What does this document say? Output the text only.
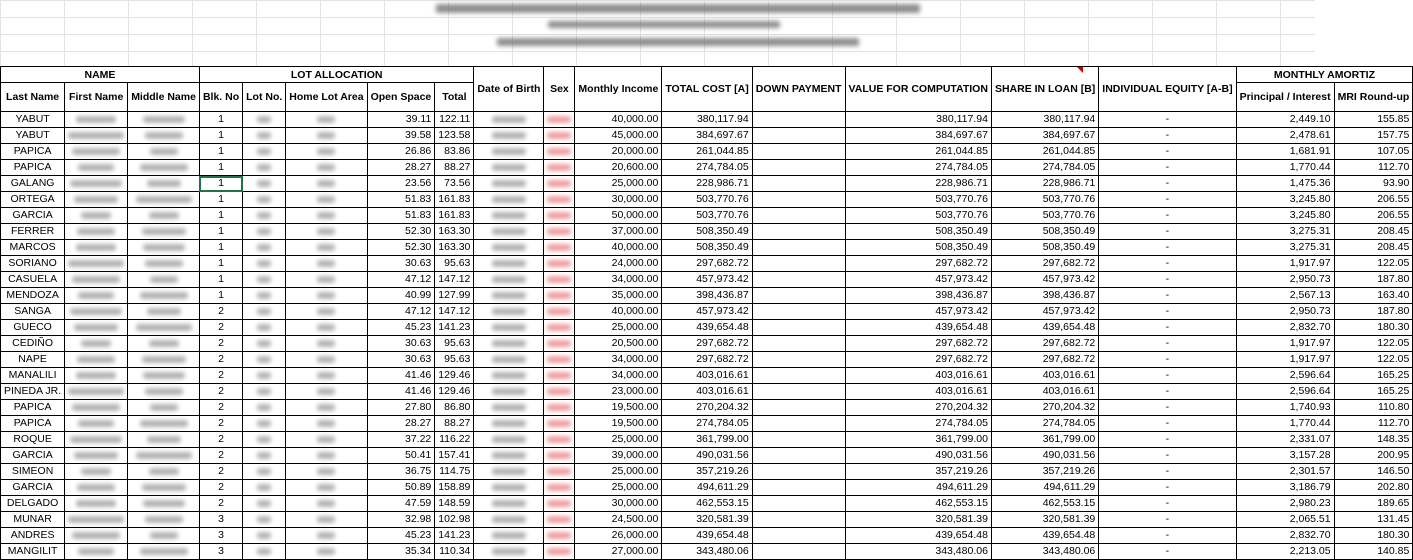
NAME			LOT ALLOCATION					Date of Birth	Sex	Monthly Income	TOTAL COST [A]	DOWN PAYMENT	VALUE FOR COMPUTATION	SHARE IN LOAN [B]	INDIVIDUAL EQUITY [A-B]	MONTHLY AMORTIZ	
Last Name	First Name	Middle Name	Blk. No	Lot No.	Home Lot Area	Open Space	Total									Principal / Interest	MRI Round-up
YABUT			1			39.11	122.11			40,000.00	380,117.94		380,117.94	380,117.94	-	2,449.10	155.85
YABUT			1			39.58	123.58			45,000.00	384,697.67		384,697.67	384,697.67	-	2,478.61	157.75
PAPICA			1			26.86	83.86			20,000.00	261,044.85		261,044.85	261,044.85	-	1,681.91	107.05
PAPICA			1			28.27	88.27			20,600.00	274,784.05		274,784.05	274,784.05	-	1,770.44	112.70
GALANG			1			23.56	73.56			25,000.00	228,986.71		228,986.71	228,986.71	-	1,475.36	93.90
ORTEGA			1			51.83	161.83			30,000.00	503,770.76		503,770.76	503,770.76	-	3,245.80	206.55
GARCIA			1			51.83	161.83			50,000.00	503,770.76		503,770.76	503,770.76	-	3,245.80	206.55
FERRER			1			52.30	163.30			37,000.00	508,350.49		508,350.49	508,350.49	-	3,275.31	208.45
MARCOS			1			52.30	163.30			40,000.00	508,350.49		508,350.49	508,350.49	-	3,275.31	208.45
SORIANO			1			30.63	95.63			24,000.00	297,682.72		297,682.72	297,682.72	-	1,917.97	122.05
CASUELA			1			47.12	147.12			34,000.00	457,973.42		457,973.42	457,973.42	-	2,950.73	187.80
MENDOZA			1			40.99	127.99			35,000.00	398,436.87		398,436.87	398,436.87	-	2,567.13	163.40
SANGA			2			47.12	147.12			40,000.00	457,973.42		457,973.42	457,973.42	-	2,950.73	187.80
GUECO			2			45.23	141.23			25,000.00	439,654.48		439,654.48	439,654.48	-	2,832.70	180.30
CEDIÑO			2			30.63	95.63			20,500.00	297,682.72		297,682.72	297,682.72	-	1,917.97	122.05
NAPE			2			30.63	95.63			34,000.00	297,682.72		297,682.72	297,682.72	-	1,917.97	122.05
MANALILI			2			41.46	129.46			34,000.00	403,016.61		403,016.61	403,016.61	-	2,596.64	165.25
PINEDA JR.			2			41.46	129.46			23,000.00	403,016.61		403,016.61	403,016.61	-	2,596.64	165.25
PAPICA			2			27.80	86.80			19,500.00	270,204.32		270,204.32	270,204.32	-	1,740.93	110.80
PAPICA			2			28.27	88.27			19,500.00	274,784.05		274,784.05	274,784.05	-	1,770.44	112.70
ROQUE			2			37.22	116.22			25,000.00	361,799.00		361,799.00	361,799.00	-	2,331.07	148.35
GARCIA			2			50.41	157.41			39,000.00	490,031.56		490,031.56	490,031.56	-	3,157.28	200.95
SIMEON			2			36.75	114.75			25,000.00	357,219.26		357,219.26	357,219.26	-	2,301.57	146.50
GARCIA			2			50.89	158.89			25,000.00	494,611.29		494,611.29	494,611.29	-	3,186.79	202.80
DELGADO			2			47.59	148.59			30,000.00	462,553.15		462,553.15	462,553.15	-	2,980.23	189.65
MUNAR			3			32.98	102.98			24,500.00	320,581.39		320,581.39	320,581.39	-	2,065.51	131.45
ANDRES			3			45.23	141.23			26,000.00	439,654.48		439,654.48	439,654.48	-	2,832.70	180.30
MANGILIT			3			35.34	110.34			27,000.00	343,480.06		343,480.06	343,480.06	-	2,213.05	140.85
